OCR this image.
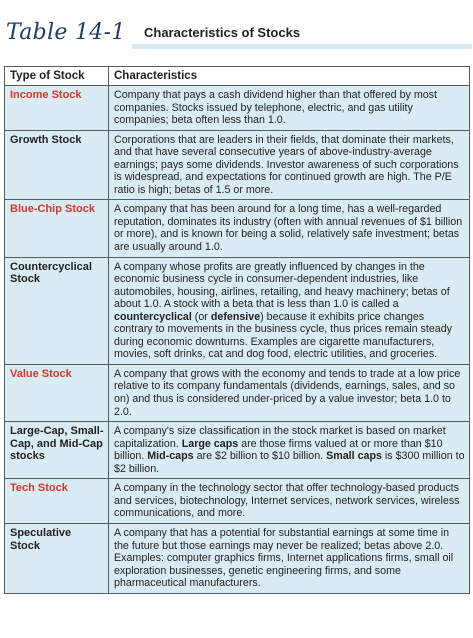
Table 14-1 Characteristics of Stocks
Type of Stock	Characteristics
Income Stock	Company that pays a cash dividend higher than that offered by most companies. Stocks issued by telephone, electric, and gas utility companies; beta often less than 1.0.
Growth Stock	Corporations that are leaders in their fields, that dominate their markets, and that have several consecutive years of above-industry-average earnings; pays some dividends. Investor awareness of such corporations is widespread, and expectations for continued growth are high. The P/E ratio is high; betas of 1.5 or more.
Blue-Chip Stock	A company that has been around for a long time, has a well-regarded reputation, dominates its industry (often with annual revenues of $1 billion or more), and is known for being a solid, relatively safe investment; betas are usually around 1.0.
Countercyclical Stock	A company whose profits are greatly influenced by changes in the economic business cycle in consumer-dependent industries, like automobiles, housing, airlines, retailing, and heavy machinery; betas of about 1.0. A stock with a beta that is less than 1.0 is called a countercyclical (or defensive) because it exhibits price changes contrary to movements in the business cycle, thus prices remain steady during economic downturns. Examples are cigarette manufacturers, movies, soft drinks, cat and dog food, electric utilities, and groceries.
Value Stock	A company that grows with the economy and tends to trade at a low price relative to its company fundamentals (dividends, earnings, sales, and so on) and thus is considered under-priced by a value investor; beta 1.0 to 2.0.
Large-Cap, Small-Cap, and Mid-Cap stocks	A company's size classification in the stock market is based on market capitalization. Large caps are those firms valued at or more than $10 billion. Mid-caps are $2 billion to $10 billion. Small caps is $300 million to $2 billion.
Tech Stock	A company in the technology sector that offer technology-based products and services, biotechnology, Internet services, network services, wireless communications, and more.
Speculative Stock	A company that has a potential for substantial earnings at some time in the future but those earnings may never be realized; betas above 2.0. Examples: computer graphics firms, Internet applications firms, small oil exploration businesses, genetic engineering firms, and some pharmaceutical manufacturers.
